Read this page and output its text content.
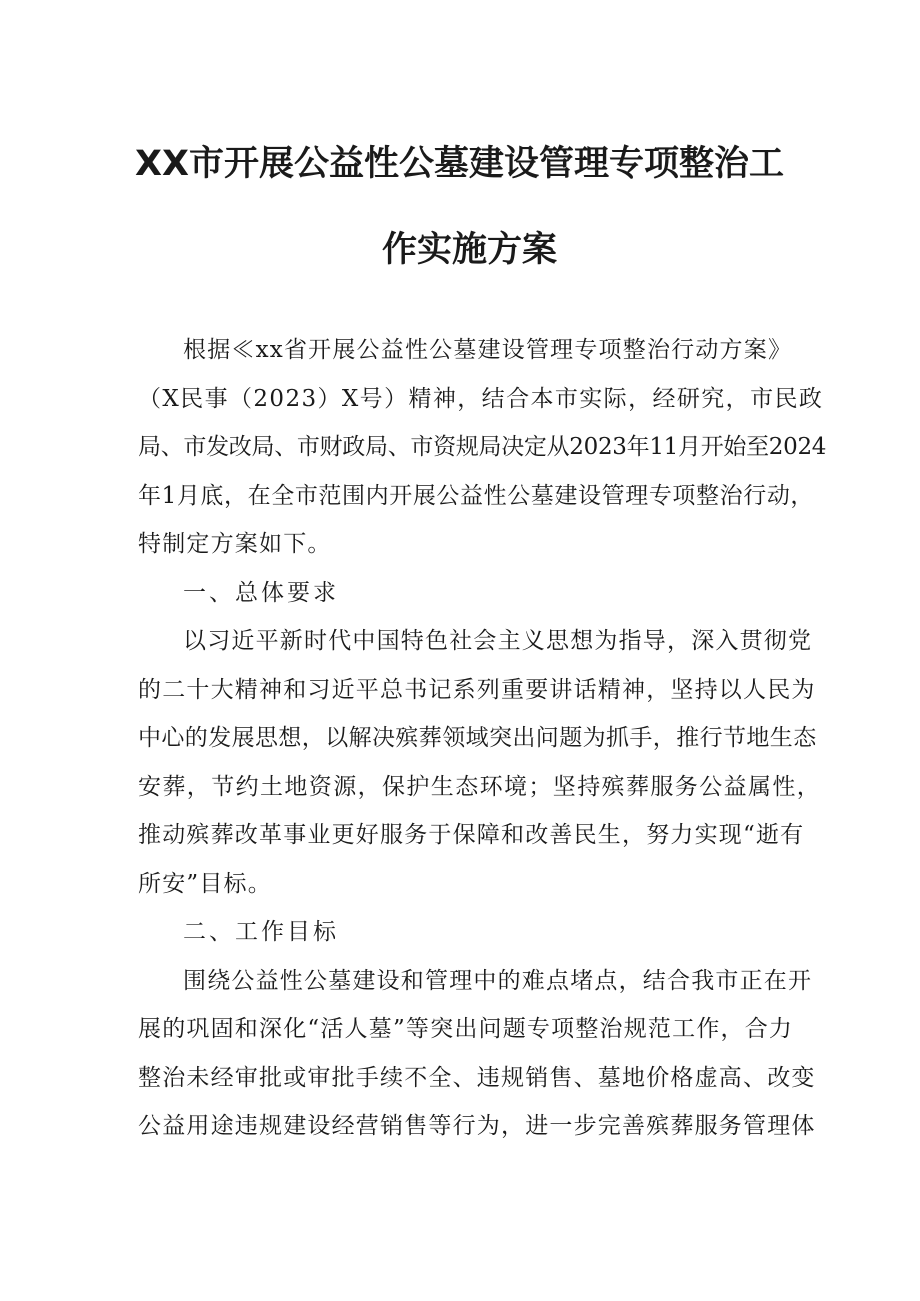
XX市开展公益性公墓建设管理专项整治工
作实施方案

根据≪xx省开展公益性公墓建设管理专项整治行动方案》

（X民事（2023）X号）精神，结合本市实际，经研究，市民政

局、市发改局、市财政局、市资规局决定从2023年11月开始至2024

年1月底，在全市范围内开展公益性公墓建设管理专项整治行动，

特制定方案如下。

一、总体要求

以习近平新时代中国特色社会主义思想为指导，深入贯彻党

的二十大精神和习近平总书记系列重要讲话精神，坚持以人民为

中心的发展思想，以解决殡葬领域突出问题为抓手，推行节地生态

安葬，节约土地资源，保护生态环境；坚持殡葬服务公益属性，

推动殡葬改革事业更好服务于保障和改善民生，努力实现“逝有

所安”目标。

二、工作目标

围绕公益性公墓建设和管理中的难点堵点，结合我市正在开

展的巩固和深化“活人墓”等突出问题专项整治规范工作，合力

整治未经审批或审批手续不全、违规销售、墓地价格虚高、改变

公益用途违规建设经营销售等行为，进一步完善殡葬服务管理体
